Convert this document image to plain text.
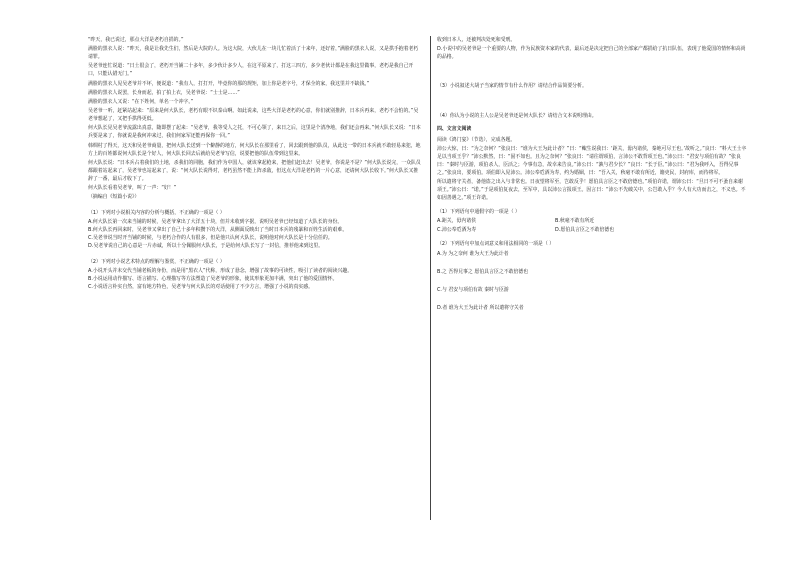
“昨天，我已说过，那点大洋是老朽自捐的。”

满脸的黑衣人说：“昨天，我是让我先生们，然后是大院的人。为这大院，大伙儿在一块儿忙着活了十来年，还好着，”满脸的黑衣人说，又是拱手抱着老朽请罪。

吴老爷连忙说道：“日土很会了，老朽开当铺二十多年，多少伙计多少人，在这平原来了，打这三四方，多少老伙计都是在我这里做事，老朽是我自己开口，只能认错无门。”

满脸的黑衣人见吴老爷并不坏，便说道：“我有人，打打开，毕竟你的那的规矩，加上你是老字号，才保全的家，我这里并不缺钱。”

满脸的黑衣人说罢，长身而起，拍了拍上衣，吴老爷说：“士士是……”

满脸的黑衣人又说：“在下姓何，单名一个冲字。”

吴老爷一听，赶紧站起来：“原来是何大队长，老朽有眼不识泰山啊。如此说来，这些大洋是老朽的心意，你们就别推辞，日本兵再来，老朽不会怕的。”吴老爷想起了，又把手拱得更低。

何大队长见吴老爷流露出真意，随即摆了起来：“吴老爷，我等受人之托，不可心领了，来日之后，这里是个清净地，我们还会再来。”何大队长又说：“日本兵要是来了，你就说是我何冲来过，我们何家军还能再保你一回。”

韩绸村了得天，这天和吴老爷商量，把何大队长送到一个僻静的地方，何大队长在那里看了，回去跟到他的队员，从此这一带的日本兵就不敢轻易来犯，地方上的百姓都说何大队长是个好人，何大队长回去后就给吴老爷写信，说要把他的队伍带到这里来。

何大队长说：“日本兵占着我们的土地，杀我们的同胞，我们作为中国人，就该拿起枪来，把他们赶出去！吴老爷，你说是不是？”何大队长说完，一众队员都跟着站起来了，吴老爷也站起来了，说：“何大队长说得对，老朽虽然不能上阵杀敌，但这点大洋是老朽的一片心意，还请何大队长收下。”何大队长又推辞了一番，最后才收下了。

何大队长看着吴老爷，叫了一声：“好！”

（摘编自《短篇小说》）

（1）下列对小说相关内容的分析与概括，不正确的一项是（ ）

A.何大队长第一次来当铺的时候，吴老爷拿出了大洋五十块，但并未收到字据，说明吴老爷已经知道了大队长的身份。

B.何大队长再回来时，吴老爷又拿出了自己十多年积攒下的大洋，从侧面反映出了当时日本兵的残暴和百姓生活的艰难。

C.吴老爷说当时开当铺的时候，与老朽合作的人有很多，但是他只认何大队长，说明他对何大队长是十分信任的。

D.吴老爷说自己的心意是一片赤诚，所以十分佩服何大队长，于是给何大队长写了一封信，推荐他来到这里。

（2）下列对小说艺术特点的理解与鉴赏，不正确的一项是（ ）

A.小说开头并未交代当铺老板的身份，而是用“黑衣人”代称，形成了悬念，增强了故事的可读性，吸引了读者的阅读兴趣。

B.小说运用动作描写、语言描写、心理描写等方法塑造了吴老爷的形象，使其形象更加丰满，突出了他的爱国情怀。

C.小说语言朴实自然，富有地方特色，吴老爷与何大队长的对话使用了不少方言，增强了小说的真实感。

收到日本人，还被判决处死和受刑。

D.小说中的吴老爷是一个重要的人物，作为民族资本家的代表，最后还是决定把自己的全部家产都捐给了抗日队伍，表现了他爱国的情怀和高尚的品格。

（3）小说叙述大胡子当家的情节有什么作用？请结合作品简要分析。

（4）你认为小说的主人公是吴老爷还是何大队长？请结合文本说明理由。

四、文言文阅读

阅读《鸿门宴》（节选），完成各题。

沛公大惊，曰：“为之奈何？”张良曰：“谁为大王为此计者？”曰：“鲰生说我曰：‘距关，毋内诸侯，秦地可尽王也。’故听之。”良曰：“料大王士卒足以当项王乎？”沛公默然，曰：“固不如也。且为之奈何？”张良曰：“请往谓项伯，言沛公不敢背项王也。”沛公曰：“君安与项伯有故？”张良曰：“秦时与臣游，项伯杀人，臣活之；今事有急，故幸来告良。”沛公曰：“孰与君少长？”良曰：“长于臣。”沛公曰：“君为我呼入，吾得兄事之。”张良出，要项伯。项伯即入见沛公。沛公奉卮酒为寿，约为婚姻，曰：“吾入关，秋毫不敢有所近，籍吏民，封府库，而待将军。

所以遣将守关者，备他盗之出入与非常也。日夜望将军至，岂敢反乎！愿伯具言臣之不敢倍德也。”项伯许诺，谓沛公曰：“旦日不可不蚤自来谢项王。”沛公曰：“诺。”于是项伯复夜去，至军中，具以沛公言报项王。因言曰：“沛公不先破关中，公岂敢入乎？今人有大功而击之，不义也。不如因善遇之。”项王许诺。

（1）下列语句中通假字的一项是（ ）

A.距关，毋内诸侯	B.秋毫不敢有所近
C.沛公奉卮酒为寿	D.愿伯具言臣之不敢倍德也

（2）下列语句中加点词意义和用法相同的一项是（ ）

A.为 为之奈何 谁为大王为此计者

B.之 吾得兄事之 愿伯具言臣之不敢倍德也

C.与 君安与项伯有故 秦时与臣游

D.者 谁为大王为此计者 所以遣将守关者
